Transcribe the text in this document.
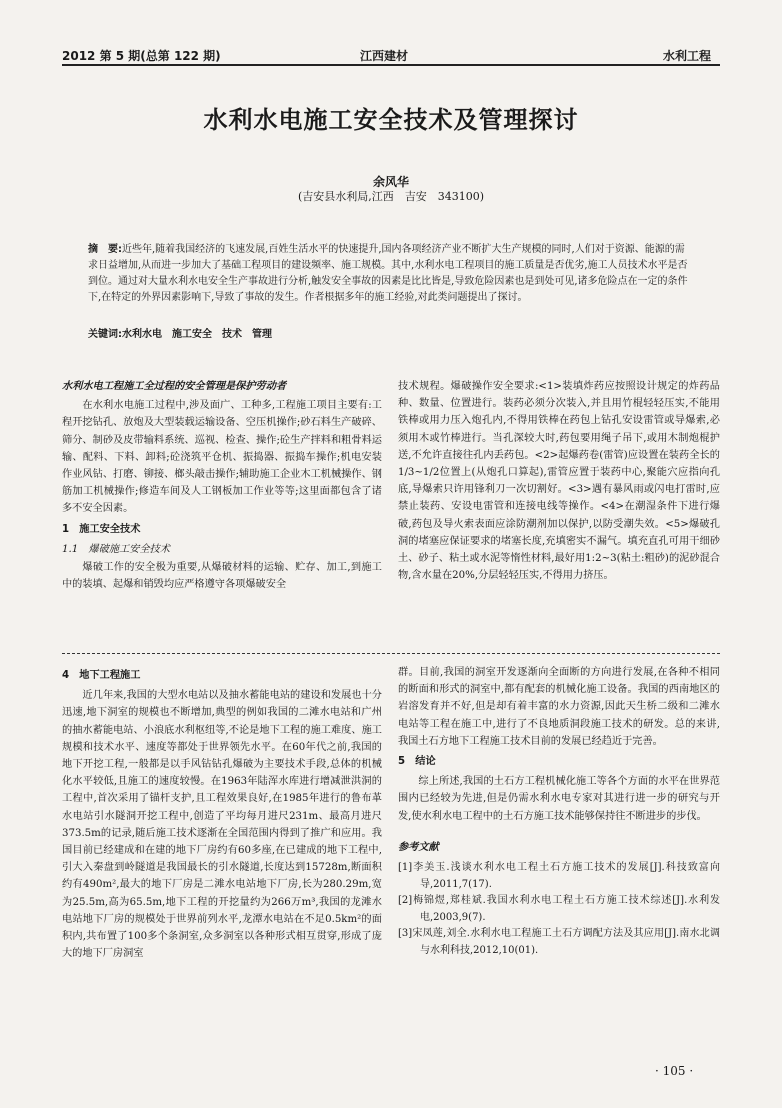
2012 第 5 期(总第 122 期)	江西建材	水利工程
水利水电施工安全技术及管理探讨
余风华
(吉安县水利局,江西　吉安　343100)
摘　要:近些年,随着我国经济的飞速发展,百姓生活水平的快速提升,国内各项经济产业不断扩大生产规模的同时,人们对于资源、能源的需求日益增加,从而进一步加大了基础工程项目的建设频率、施工规模。其中,水利水电工程项目的施工质量是否优劣,施工人员技术水平是否到位。通过对大量水利水电安全生产事故进行分析,触发安全事故的因素是比比皆是,导致危险因素也是到处可见,诸多危险点在一定的条件下,在特定的外界因素影响下,导致了事故的发生。作者根据多年的施工经验,对此类问题提出了探讨。
关键词:水利水电　施工安全　技术　管理

水利水电工程施工全过程的安全管理是保护劳动者

在水利水电施工过程中,涉及面广、工种多,工程施工项目主要有:工程开挖钻孔、放炮及大型装载运输设备、空压机操作;砂石料生产破碎、筛分、制砂及皮带输料系统、巡视、检查、操作;砼生产拌料和粗骨料运输、配料、下料、卸料;砼浇筑平仓机、振捣器、振捣车操作;机电安装作业风钻、打磨、铆接、榔头敲击操作;辅助施工企业木工机械操作、钢筋加工机械操作;修造车间及人工钢板加工作业等等;这里面都包含了诸多不安全因素。

1　施工安全技术

1.1　爆破施工安全技术

爆破工作的安全极为重要,从爆破材料的运输、贮存、加工,到施工中的装填、起爆和销毁均应严格遵守各项爆破安全

技术规程。爆破操作安全要求:<1>装填炸药应按照设计规定的炸药品种、数量、位置进行。装药必须分次装入,并且用竹棍轻轻压实,不能用铁棒或用力压入炮孔内,不得用铁棒在药包上钻孔安设雷管或导爆索,必须用木或竹棒进行。当孔深较大时,药包要用绳子吊下,或用木制炮棍护送,不允许直接往孔内丢药包。<2>起爆药卷(雷管)应设置在装药全长的1/3~1/2位置上(从炮孔口算起),雷管应置于装药中心,聚能穴应指向孔底,导爆索只许用锋利刀一次切割好。<3>遇有暴风雨或闪电打雷时,应禁止装药、安设电雷管和连接电线等操作。<4>在潮湿条件下进行爆破,药包及导火索表面应涂防潮剂加以保护,以防受潮失效。<5>爆破孔洞的堵塞应保证要求的堵塞长度,充填密实不漏气。填充直孔可用干细砂土、砂子、粘土或水泥等惰性材料,最好用1:2~3(粘土:粗砂)的泥砂混合物,含水量在20%,分层轻轻压实,不得用力挤压。

4　地下工程施工

近几年来,我国的大型水电站以及抽水蓄能电站的建设和发展也十分迅速,地下洞室的规模也不断增加,典型的例如我国的二滩水电站和广州的抽水蓄能电站、小浪底水利枢纽等,不论是地下工程的施工难度、施工规模和技术水平、速度等都处于世界领先水平。在60年代之前,我国的地下开挖工程,一般都是以手风钻钻孔爆破为主要技术手段,总体的机械化水平较低,且施工的速度较慢。在1963年陆浑水库进行增减泄洪洞的工程中,首次采用了锚杆支护,且工程效果良好,在1985年进行的鲁布革水电站引水隧洞开挖工程中,创造了平均每月进尺231m、最高月进尺373.5m的记录,随后施工技术逐渐在全国范围内得到了推广和应用。我国目前已经建成和在建的地下厂房约有60多座,在已建成的地下工程中,引大入秦盘到岭隧道是我国最长的引水隧道,长度达到15728m,断面积约有490m²,最大的地下厂房是二滩水电站地下厂房,长为280.29m,宽为25.5m,高为65.5m,地下工程的开挖量约为266万m³,我国的龙滩水电站地下厂房的规模处于世界前列水平,龙潭水电站在不足0.5km²的面积内,共布置了100多个条洞室,众多洞室以各种形式相互贯穿,形成了庞大的地下厂房洞室

群。目前,我国的洞室开发逐渐向全面断的方向进行发展,在各种不相同的断面和形式的洞室中,都有配套的机械化施工设备。我国的西南地区的岩溶发育并不好,但是却有着丰富的水力资源,因此天生桥二级和二滩水电站等工程在施工中,进行了不良地质洞段施工技术的研发。总的来讲,我国土石方地下工程施工技术目前的发展已经趋近于完善。

5　结论

综上所述,我国的土石方工程机械化施工等各个方面的水平在世界范围内已经较为先进,但是仍需水利水电专家对其进行进一步的研究与开发,使水利水电工程中的土石方施工技术能够保持往不断进步的步伐。

参考文献

[1]李美玉.浅谈水利水电工程土石方施工技术的发展[J].科技致富向导,2011,7(17).

[2]梅锦煜,郑桂斌.我国水利水电工程土石方施工技术综述[J].水利发电,2003,9(7).

[3]宋凤莲,刘全.水利水电工程施工土石方调配方法及其应用[J].南水北调与水利科技,2012,10(01).

· 105 ·
